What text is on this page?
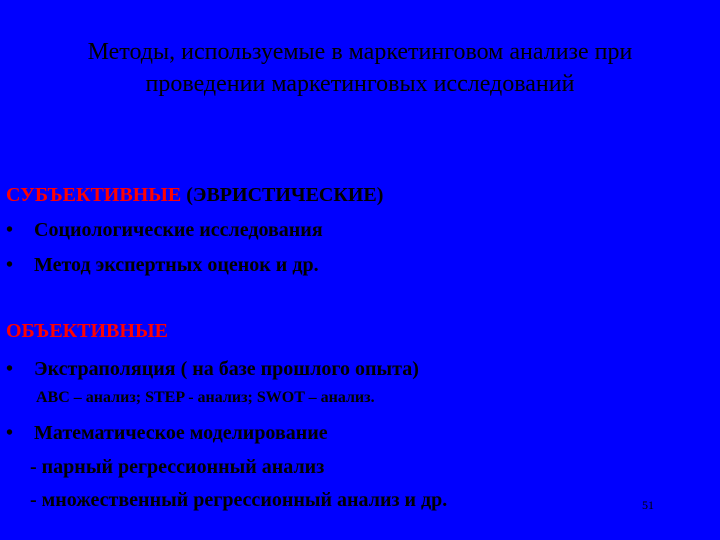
Методы, используемые в маркетинговом анализе при
проведении маркетинговых исследований
СУБЪЕКТИВНЫЕ (ЭВРИСТИЧЕСКИЕ)
•	Социологические исследования
•	Метод экспертных оценок и др.
ОБЪЕКТИВНЫЕ
•	Экстраполяция ( на базе прошлого опыта)
ABC – анализ; STEP - анализ; SWOT – анализ.
•	Математическое моделирование
- парный регрессионный анализ
- множественный регрессионный анализ и др.	51
